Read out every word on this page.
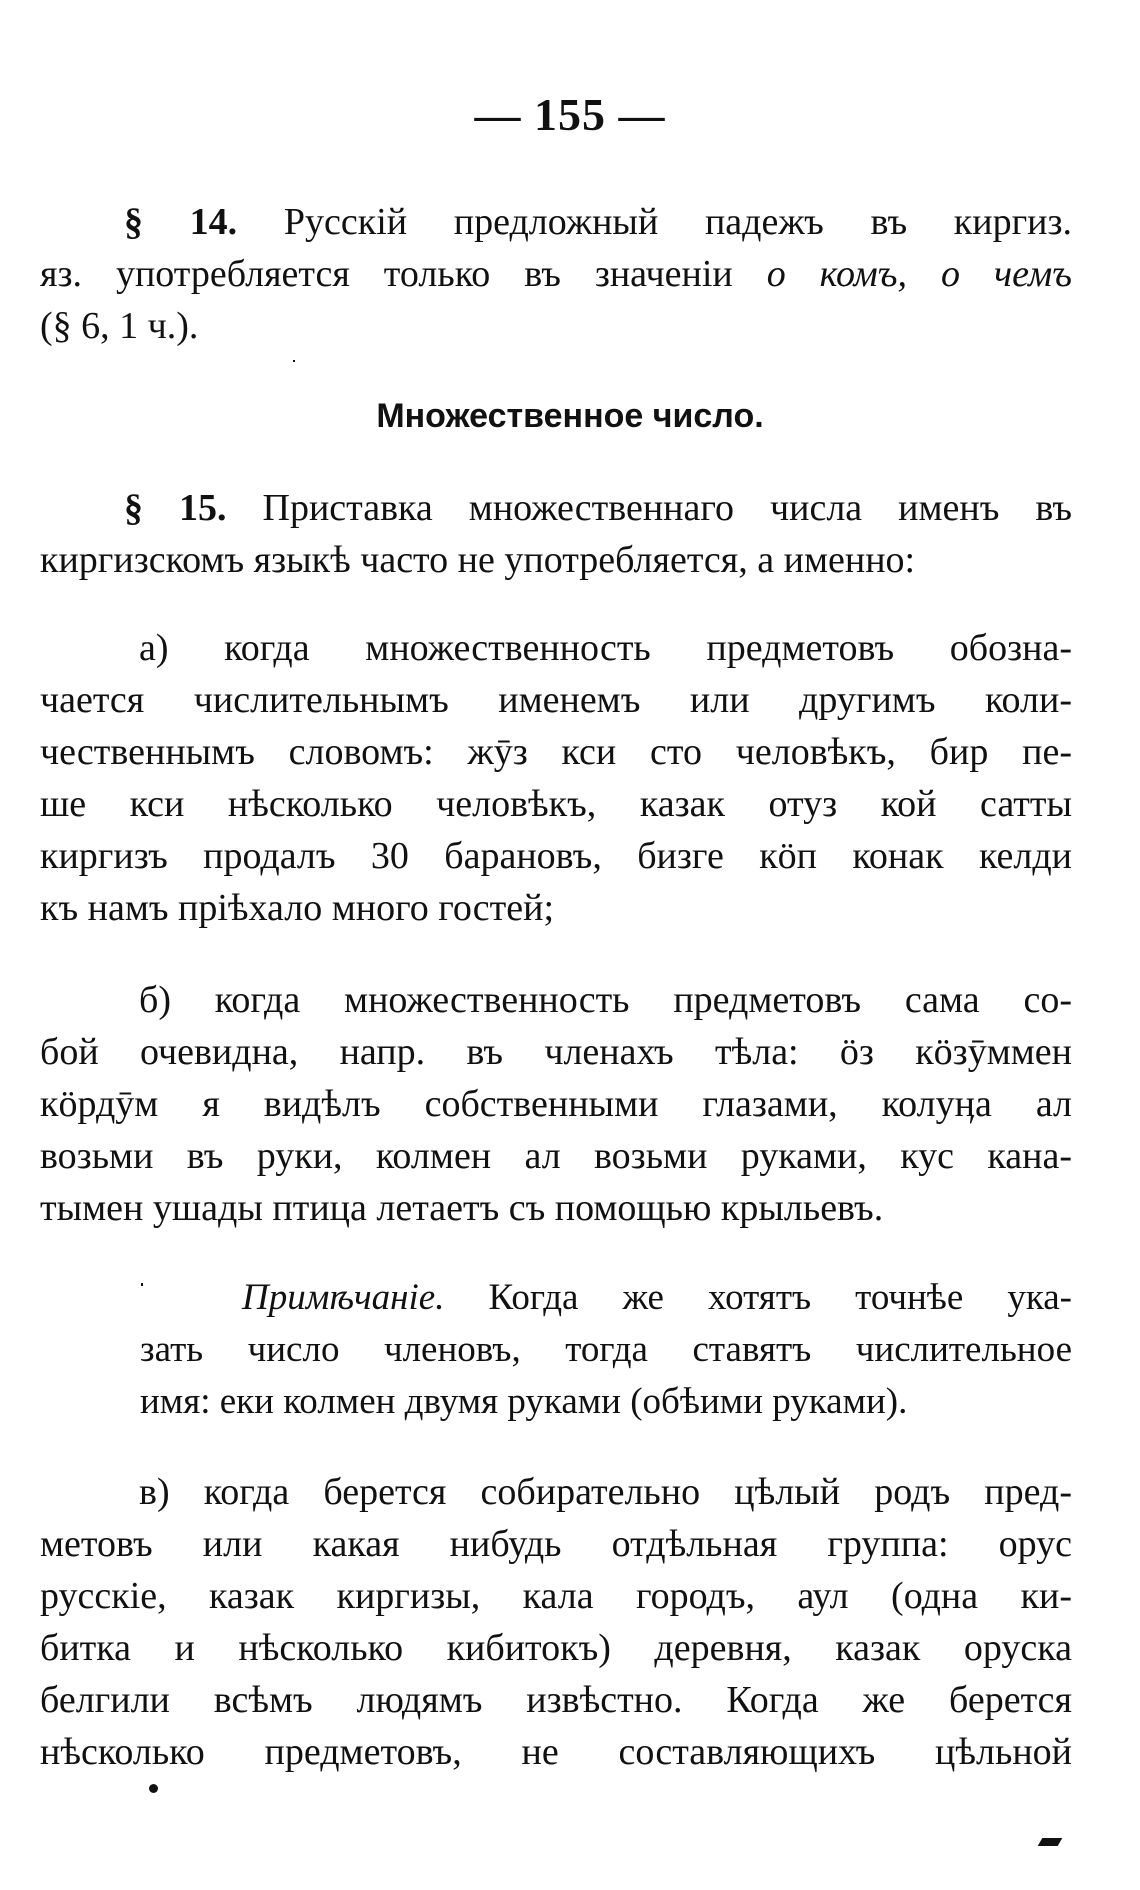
— 155 —
§ 14. Русскій предложный падежъ въ киргиз.
яз. употребляется только въ значеніи о комъ, о чемъ
(§ 6, 1 ч.).
Множественное число.
§ 15. Приставка множественнаго числа именъ въ
киргизскомъ языкѣ часто не употребляется, а именно:
а) когда множественность предметовъ обозна-
чается числительнымъ именемъ или другимъ коли-
чественнымъ словомъ: жӯз кси сто человѣкъ, бир пе-
ше кси нѣсколько человѣкъ, казак отуз кой сатты
киргизъ продалъ 30 барановъ, бизге кӧп конак келди
къ намъ пріѣхало много гостей;
б) когда множественность предметовъ сама со-
бой очевидна, напр. въ членахъ тѣла: ӧз кӧзӯммен
кӧрдӯм я видѣлъ собственными глазами, колуӊа ал
возьми въ руки, колмен ал возьми руками, кус кана-
тымен ушады птица летаетъ съ помощью крыльевъ.
Примѣчаніе. Когда же хотятъ точнѣе ука-
зать число членовъ, тогда ставятъ числительное
имя: еки колмен двумя руками (обѣими руками).
в) когда берется собирательно цѣлый родъ пред-
метовъ или какая нибудь отдѣльная группа: орус
русскіе, казак киргизы, кала городъ, аул (одна ки-
битка и нѣсколько кибитокъ) деревня, казак оруска
белгили всѣмъ людямъ извѣстно. Когда же берется
нѣсколько предметовъ, не составляющихъ цѣльной
